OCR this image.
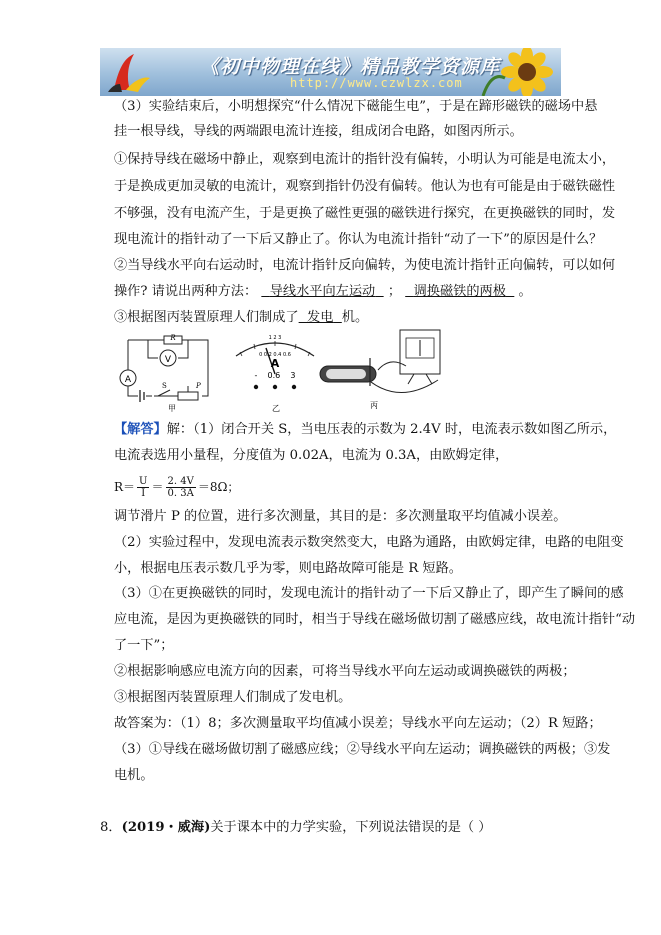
《初中物理在线》精品教学资源库
http://www.czwlzx.com
（3）实验结束后，小明想探究“什么情况下磁能生电”，于是在蹄形磁铁的磁场中悬
挂一根导线，导线的两端跟电流计连接，组成闭合电路，如图丙所示。
①保持导线在磁场中静止，观察到电流计的指针没有偏转，小明认为可能是电流太小，
于是换成更加灵敏的电流计，观察到指针仍没有偏转。他认为也有可能是由于磁铁磁性
不够强，没有电流产生，于是更换了磁性更强的磁铁进行探究，在更换磁铁的同时，发
现电流计的指针动了一下后又静止了。你认为电流计指针“动了一下”的原因是什么？
②当导线水平向右运动时，电流计指针反向偏转，为使电流计指针正向偏转，可以如何
操作? 请说出两种方法： 导线水平向左运动 ； 调换磁铁的两极 。
③根据图丙装置原理人们制成了 发电 机。
V
A
R
S	P
甲
1 2 3
0 0.2 0.4 0.6
A
-    0.6    3
乙	丙
【解答】解：（1）闭合开关 S，当电压表的示数为 2.4V 时，电流表示数如图乙所示，
电流表选用小量程，分度值为 0.02A，电流为 0.3A，由欧姆定律，
R＝ U
I ＝ 2. 4V
0. 3A ＝8Ω；
调节滑片 P 的位置，进行多次测量，其目的是：多次测量取平均值减小误差。
（2）实验过程中，发现电流表示数突然变大，电路为通路，由欧姆定律，电路的电阻变
小，根据电压表示数几乎为零，则电路故障可能是 R 短路。
（3）①在更换磁铁的同时，发现电流计的指针动了一下后又静止了，即产生了瞬间的感
应电流，是因为更换磁铁的同时，相当于导线在磁场做切割了磁感应线，故电流计指针“动
了一下”；
②根据影响感应电流方向的因素，可将当导线水平向左运动或调换磁铁的两极；
③根据图丙装置原理人们制成了发电机。
故答案为：（1）8；多次测量取平均值减小误差；导线水平向左运动；（2）R 短路；
（3）①导线在磁场做切割了磁感应线；②导线水平向左运动；调换磁铁的两极；③发
电机。
8．(2019・威海)关于课本中的力学实验，下列说法错误的是（ ）
